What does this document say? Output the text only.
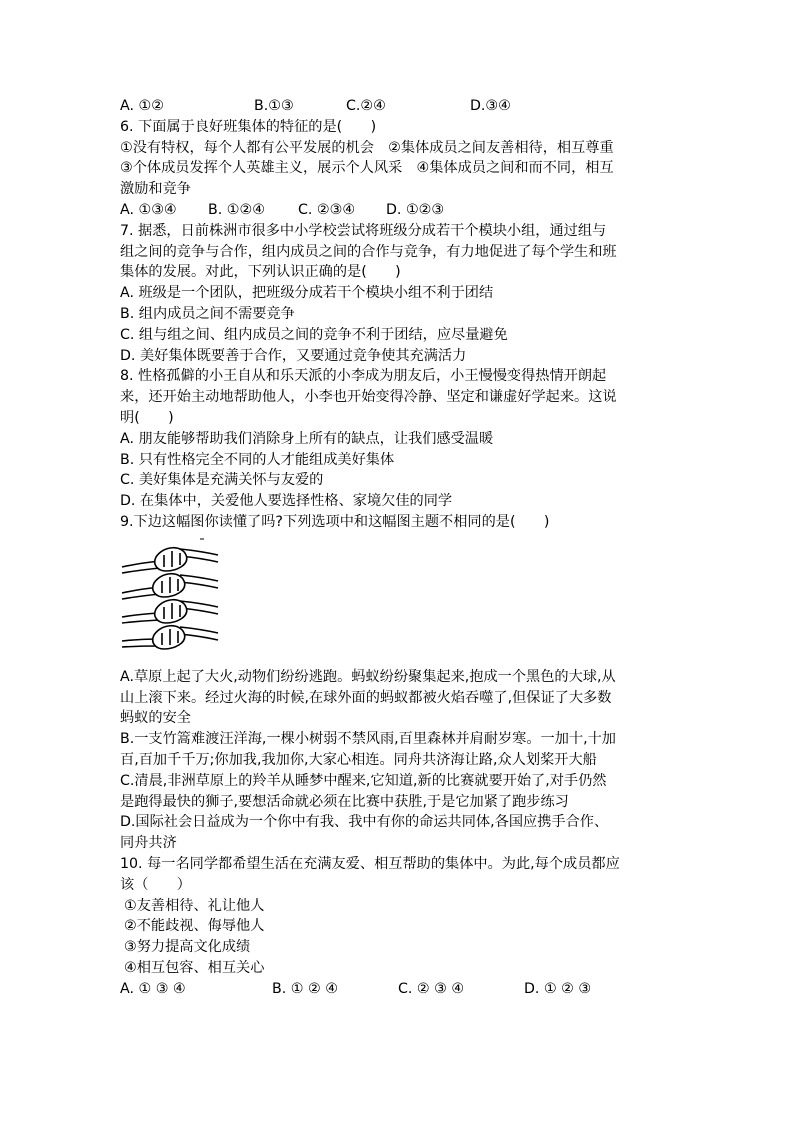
A. ①②	B.①③	C.②④	D.③④
6. 下面属于良好班集体的特征的是(　　)
①没有特权，每个人都有公平发展的机会　②集体成员之间友善相待，相互尊重
③个体成员发挥个人英雄主义，展示个人风采　④集体成员之间和而不同，相互
激励和竞争
A. ①③④	B. ①②④	C. ②③④	D. ①②③
7. 据悉，日前株洲市很多中小学校尝试将班级分成若干个模块小组，通过组与
组之间的竞争与合作，组内成员之间的合作与竞争，有力地促进了每个学生和班
集体的发展。对此，下列认识正确的是(　　)
A. 班级是一个团队，把班级分成若干个模块小组不利于团结
B. 组内成员之间不需要竞争
C. 组与组之间、组内成员之间的竞争不利于团结，应尽量避免
D. 美好集体既要善于合作，又要通过竞争使其充满活力
8. 性格孤僻的小王自从和乐天派的小李成为朋友后，小王慢慢变得热情开朗起
来，还开始主动地帮助他人，小李也开始变得冷静、坚定和谦虚好学起来。这说
明(　　)
A. 朋友能够帮助我们消除身上所有的缺点，让我们感受温暖
B. 只有性格完全不同的人才能组成美好集体
C. 美好集体是充满关怀与友爱的
D. 在集体中，关爱他人要选择性格、家境欠佳的同学
9.下边这幅图你读懂了吗?下列选项中和这幅图主题不相同的是(　　)
A.草原上起了大火,动物们纷纷逃跑。蚂蚁纷纷聚集起来,抱成一个黑色的大球,从
山上滚下来。经过火海的时候,在球外面的蚂蚁都被火焰吞噬了,但保证了大多数
蚂蚁的安全
B.一支竹篙难渡汪洋海,一棵小树弱不禁风雨,百里森林并肩耐岁寒。一加十,十加
百,百加千千万;你加我,我加你,大家心相连。同舟共济海让路,众人划桨开大船
C.清晨,非洲草原上的羚羊从睡梦中醒来,它知道,新的比赛就要开始了,对手仍然
是跑得最快的狮子,要想活命就必须在比赛中获胜,于是它加紧了跑步练习
D.国际社会日益成为一个你中有我、我中有你的命运共同体,各国应携手合作、
同舟共济
10. 每一名同学都希望生活在充满友爱、相互帮助的集体中。为此,每个成员都应
该（　　）
①友善相待、礼让他人
②不能歧视、侮辱他人
③努力提高文化成绩
④相互包容、相互关心
A. ① ③ ④	B. ① ② ④	C. ② ③ ④	D. ① ② ③
